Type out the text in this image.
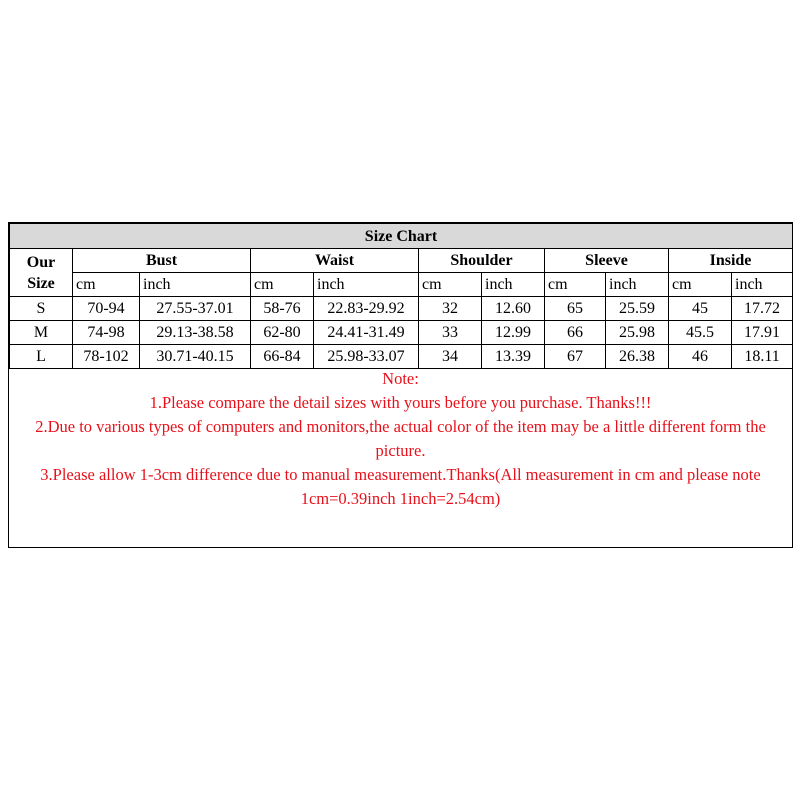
Size Chart										
Our
Size	Bust		Waist		Shoulder		Sleeve		Inside	
	cm	inch	cm	inch	cm	inch	cm	inch	cm	inch
S	70-94	27.55-37.01	58-76	22.83-29.92	32	12.60	65	25.59	45	17.72
M	74-98	29.13-38.58	62-80	24.41-31.49	33	12.99	66	25.98	45.5	17.91
L	78-102	30.71-40.15	66-84	25.98-33.07	34	13.39	67	26.38	46	18.11

Note:

1.Please compare the detail sizes with yours before you purchase. Thanks!!!

2.Due to various types of computers and monitors,the actual color of the item may be a little different form the picture.

3.Please allow 1-3cm difference due to manual measurement.Thanks(All measurement in cm and please note 1cm=0.39inch 1inch=2.54cm)
